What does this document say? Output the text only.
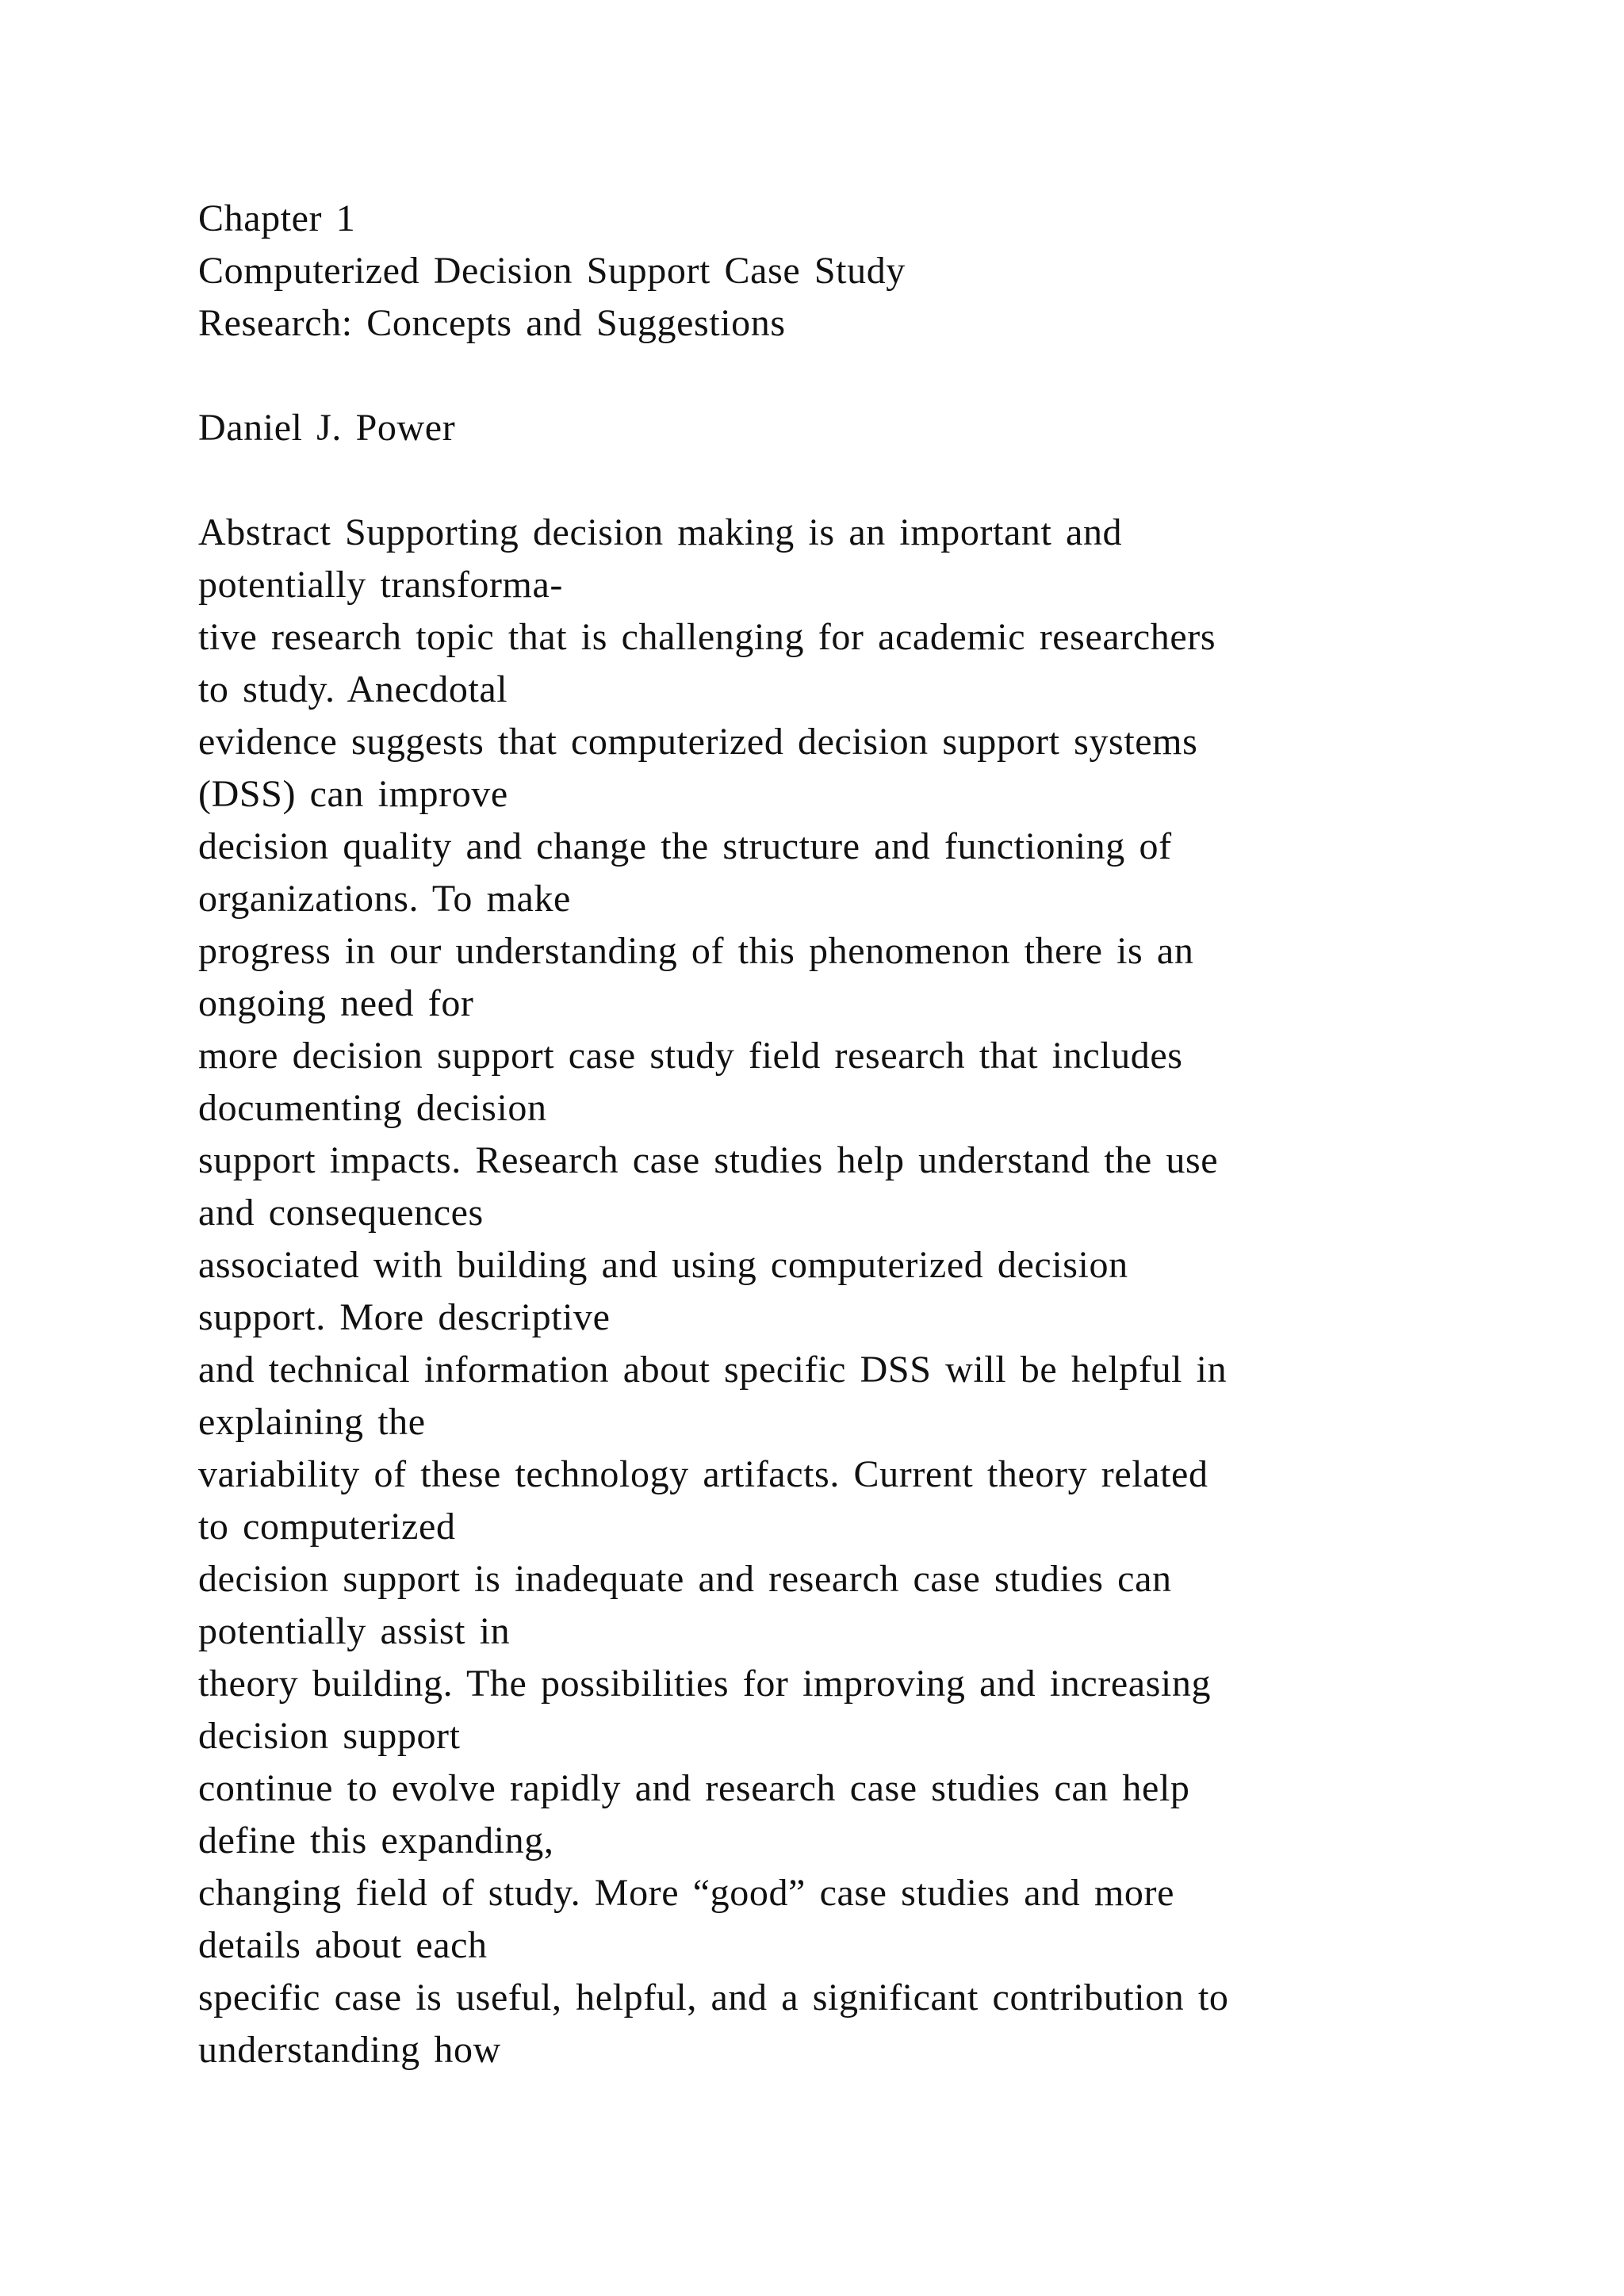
Chapter 1
Computerized Decision Support Case Study
Research: Concepts and Suggestions
Daniel J. Power
Abstract Supporting decision making is an important and
potentially transforma-
tive research topic that is challenging for academic researchers
to study. Anecdotal
evidence suggests that computerized decision support systems
(DSS) can improve
decision quality and change the structure and functioning of
organizations. To make
progress in our understanding of this phenomenon there is an
ongoing need for
more decision support case study field research that includes
documenting decision
support impacts. Research case studies help understand the use
and consequences
associated with building and using computerized decision
support. More descriptive
and technical information about specific DSS will be helpful in
explaining the
variability of these technology artifacts. Current theory related
to computerized
decision support is inadequate and research case studies can
potentially assist in
theory building. The possibilities for improving and increasing
decision support
continue to evolve rapidly and research case studies can help
define this expanding,
changing field of study. More “good” case studies and more
details about each
specific case is useful, helpful, and a significant contribution to
understanding how
